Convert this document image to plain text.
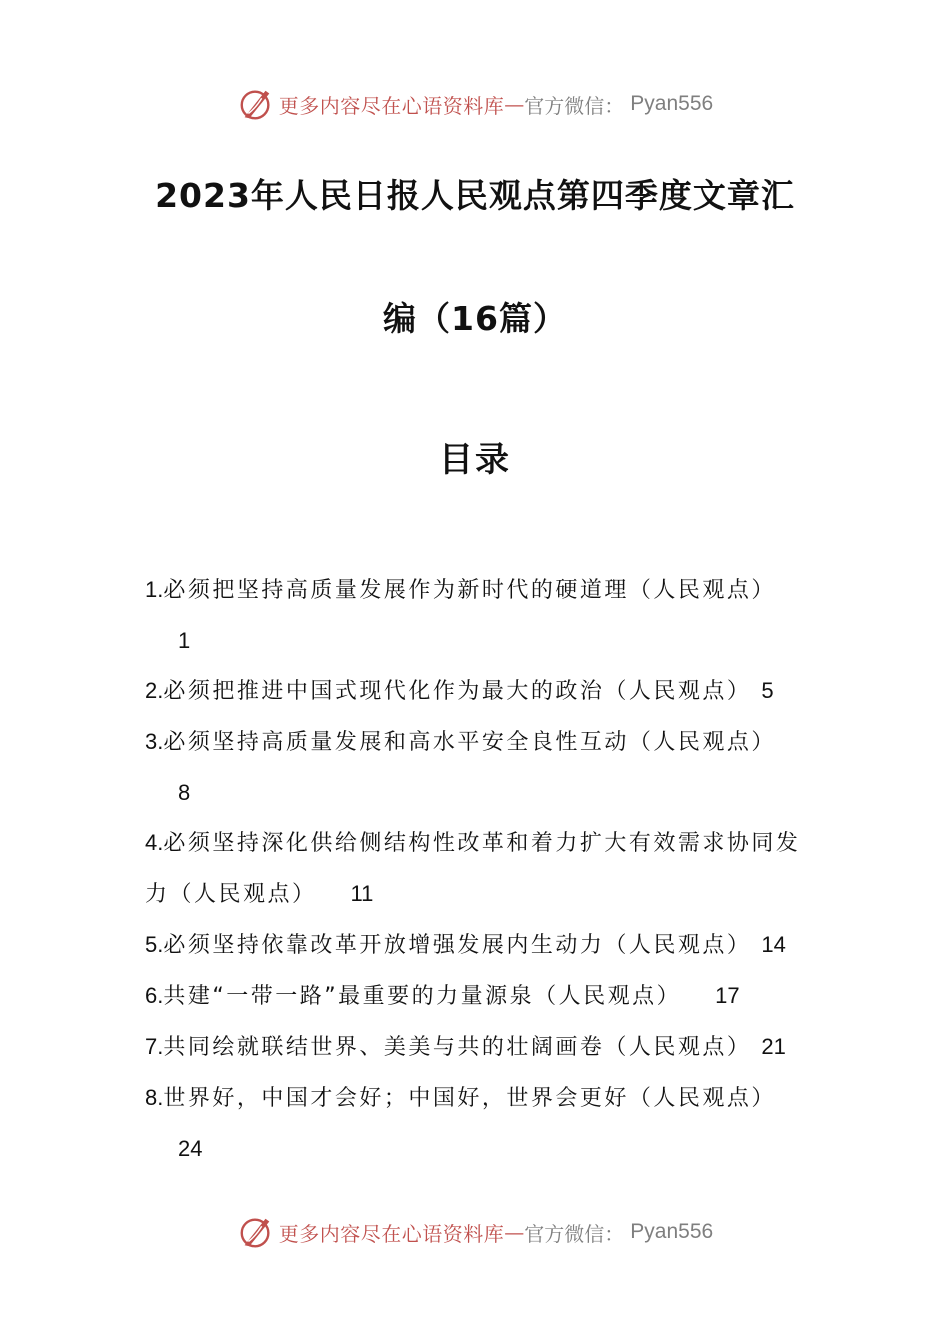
更多内容尽在心语资料库 — 官方微信： Pyan556
2023年人民日报人民观点第四季度文章汇
编（16篇）
目录

1.必须把坚持高质量发展作为新时代的硬道理（人民观点）
1

2.必须把推进中国式现代化作为最大的政治（人民观点） 5

3.必须坚持高质量发展和高水平安全良性互动（人民观点）
8

4.必须坚持深化供给侧结构性改革和着力扩大有效需求协同发力（人民观点） 11

5.必须坚持依靠改革开放增强发展内生动力（人民观点） 14

6.共建“一带一路”最重要的力量源泉（人民观点） 17

7.共同绘就联结世界、美美与共的壮阔画卷（人民观点） 21

8.世界好，中国才会好；中国好，世界会更好（人民观点）
24

更多内容尽在心语资料库 — 官方微信： Pyan556
